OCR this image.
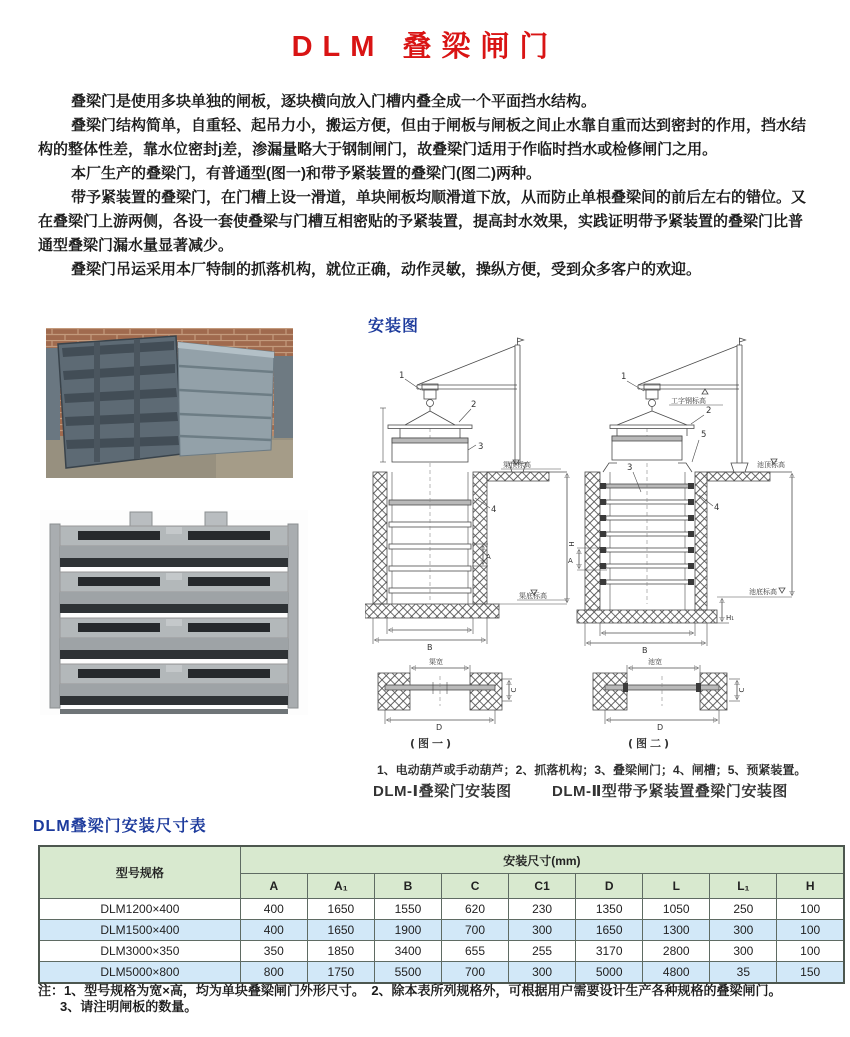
DLM 叠梁闸门

叠梁门是使用多块单独的闸板，逐块横向放入门槽内叠全成一个平面挡水结构。

叠梁门结构简单，自重轻、起吊力小，搬运方便，但由于闸板与闸板之间止水靠自重而达到密封的作用，挡水结构的整体性差，靠水位密封j差，渗漏量略大于钢制闸门，故叠梁门适用于作临时挡水或检修闸门之用。

本厂生产的叠梁门，有普通型(图一)和带予紧装置的叠梁门(图二)两种。

带予紧装置的叠梁门，在门槽上设一滑道，单块闸板均顺滑道下放，从而防止单根叠梁间的前后左右的错位。又在叠梁门上游两侧，各设一套使叠梁与门槽互相密贴的予紧装置，提高封水效果，实践证明带予紧装置的叠梁门比普通型叠梁门漏水量显著减少。

叠梁门吊运采用本厂特制的抓落机构，就位正确，动作灵敏，操纵方便，受到众多客户的欢迎。

安装图
1
2
3
4
A
渠顶标高
H
渠底标高
B
渠宽
C
D
(图一)
工字钢标高
1
2
5
3
4
A
池顶标高
池底标高
H₁
B
池宽
C
D
(图二)
1、电动葫芦或手动葫芦；2、抓落机构；3、叠梁闸门；4、闸槽；5、预紧装置。
DLM-Ⅰ叠梁门安装图	DLM-Ⅱ型带予紧装置叠梁门安装图
DLM叠梁门安装尺寸表
型号规格	安装尺寸(mm)								
	A	A₁	B	C	C1	D	L	L₁	H
DLM1200×400	400	1650	1550	620	230	1350	1050	250	100
DLM1500×400	400	1650	1900	700	300	1650	1300	300	100
DLM3000×350	350	1850	3400	655	255	3170	2800	300	100
DLM5000×800	800	1750	5500	700	300	5000	4800	35	150
注：1、型号规格为宽×高，均为单块叠梁闸门外形尺寸。　2、除本表所列规格外，可根据用户需要设计生产各种规格的叠梁闸门。
3、请注明闸板的数量。
